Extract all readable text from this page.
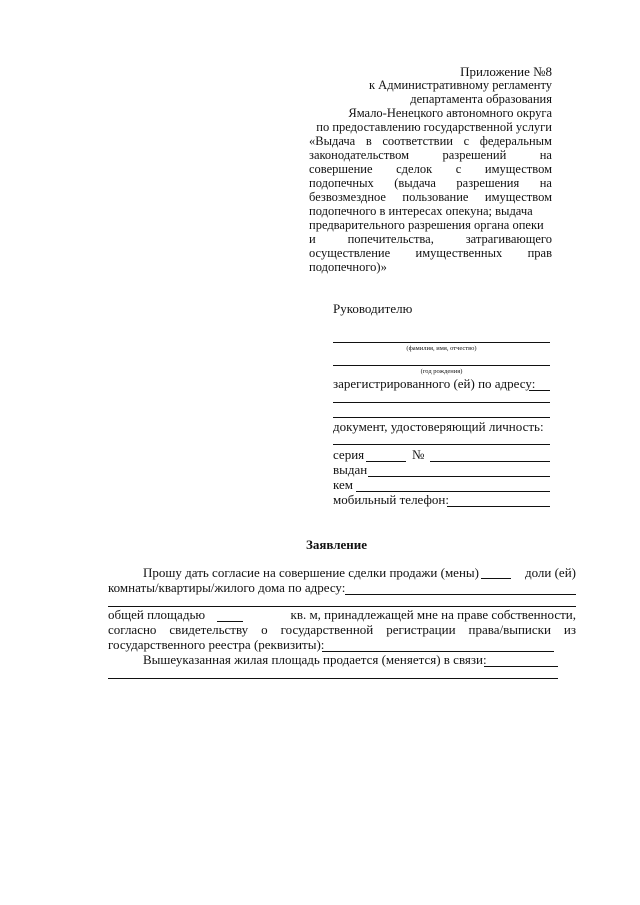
Приложение №8
к Административному регламенту
департамента образования
Ямало-Ненецкого автономного округа
по предоставлению государственной услуги
«Выдача в соответствии с федеральным
законодательством	разрешений	на
совершение сделок с имуществом
подопечных (выдача разрешения на
безвозмездное пользование имуществом
подопечного в интересах опекуна; выдача
предварительного разрешения органа опеки
и	попечительства,	затрагивающего
осуществление имущественных прав
подопечного)»
Руководителю
(фамилия, имя, отчество)
(год рождения)
зарегистрированного (ей) по адресу:
документ, удостоверяющий личность:
серия	№
выдан
кем
мобильный телефон:
Заявление
Прошу дать согласие на совершение сделки продажи (мены)	доли (ей)
комнаты/квартиры/жилого дома по адресу:
общей площадью	кв. м, принадлежащей мне на праве собственности,
согласно свидетельству о государственной регистрации права/выписки из
государственного реестра (реквизиты):
Вышеуказанная жилая площадь продается (меняется) в связи:
